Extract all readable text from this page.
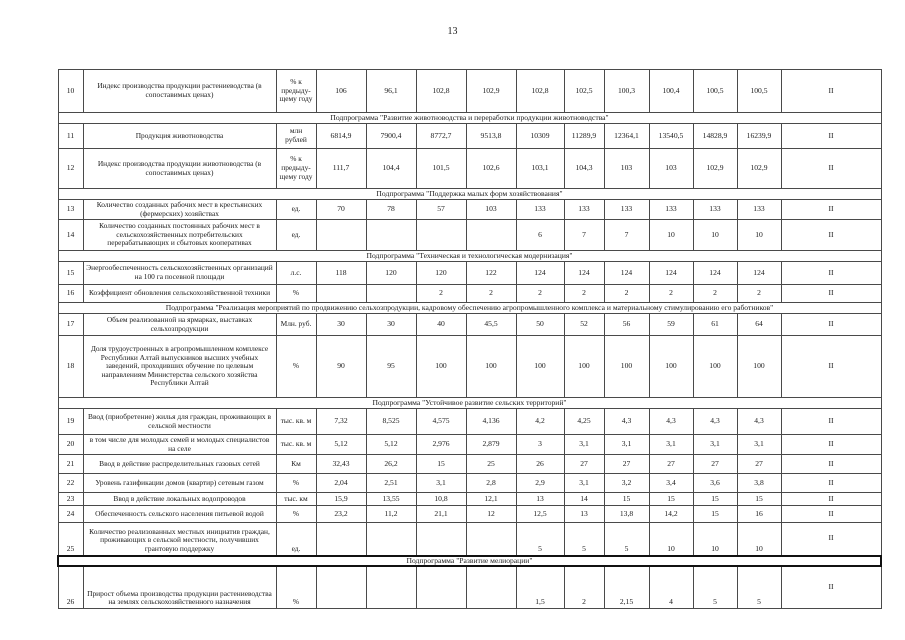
13
10	Индекс производства продукции растениеводства (в сопоставимых ценах)	% к предыду-щему году	106	96,1	102,8	102,9	102,8	102,5	100,3	100,4	100,5	100,5	II
Подпрограмма "Развитие животноводства и переработки продукции животноводства"													
11	Продукция животноводства	млн рублей	6814,9	7900,4	8772,7	9513,8	10309	11289,9	12364,1	13540,5	14828,9	16239,9	II
12	Индекс производства продукции животноводства (в сопоставимых ценах)	% к предыду-щему году	111,7	104,4	101,5	102,6	103,1	104,3	103	103	102,9	102,9	II
Подпрограмма "Поддержка малых форм хозяйствования"													
13	Количество созданных рабочих мест в крестьянских (фермерских) хозяйствах	ед.	70	78	57	103	133	133	133	133	133	133	II
14	Количество созданных постоянных рабочих мест в сельскохозяйственных потребительских перерабатывающих и сбытовых кооперативах	ед.					6	7	7	10	10	10	II
Подпрограмма "Техническая и технологическая модернизация"													
15	Энергообеспеченность сельскохозяйственных организаций на 100 га посевной площади	л.с.	118	120	120	122	124	124	124	124	124	124	II
16	Коэффициент обновления сельскохозяйственной техники	%			2	2	2	2	2	2	2	2	II
Подпрограмма "Реализация мероприятий по продвижению сельхозпродукции, кадровому обеспечению агропромышленного комплекса и материальному стимулированию его работников"													
17	Объем реализованной на ярмарках, выставках сельхозпродукции	Млн. руб.	30	30	40	45,5	50	52	56	59	61	64	II
18	Доля трудоустроенных в агропромышленном комплексе Республики Алтай выпускников высших учебных заведений, проходивших обучение по целевым направлениям Министерства сельского хозяйства Республики Алтай	%	90	95	100	100	100	100	100	100	100	100	II
Подпрограмма "Устойчивое развитие сельских территорий"													
19	Ввод (приобретение) жилья для граждан, проживающих в сельской местности	тыс. кв. м	7,32	8,525	4,575	4,136	4,2	4,25	4,3	4,3	4,3	4,3	II
20	в том числе для молодых семей и молодых специалистов на селе	тыс. кв. м	5,12	5,12	2,976	2,879	3	3,1	3,1	3,1	3,1	3,1	II
21	Ввод в действие распределительных газовых сетей	Км	32,43	26,2	15	25	26	27	27	27	27	27	II
22	Уровень газификации домов (квартир) сетевым газом	%	2,04	2,51	3,1	2,8	2,9	3,1	3,2	3,4	3,6	3,8	II
23	Ввод в действие локальных водопроводов	тыс. км	15,9	13,55	10,8	12,1	13	14	15	15	15	15	II
24	Обеспеченность сельского населения питьевой водой	%	23,2	11,2	21,1	12	12,5	13	13,8	14,2	15	16	II
25	Количество реализованных местных инициатив граждан, проживающих в сельской местности, получивших грантовую поддержку	ед.					5	5	5	10	10	10	II
Подпрограмма "Развитие мелиорации"													
26	Прирост объема производства продукции растениеводства на землях сельскохозяйственного назначения	%					1,5	2	2,15	4	5	5	II
